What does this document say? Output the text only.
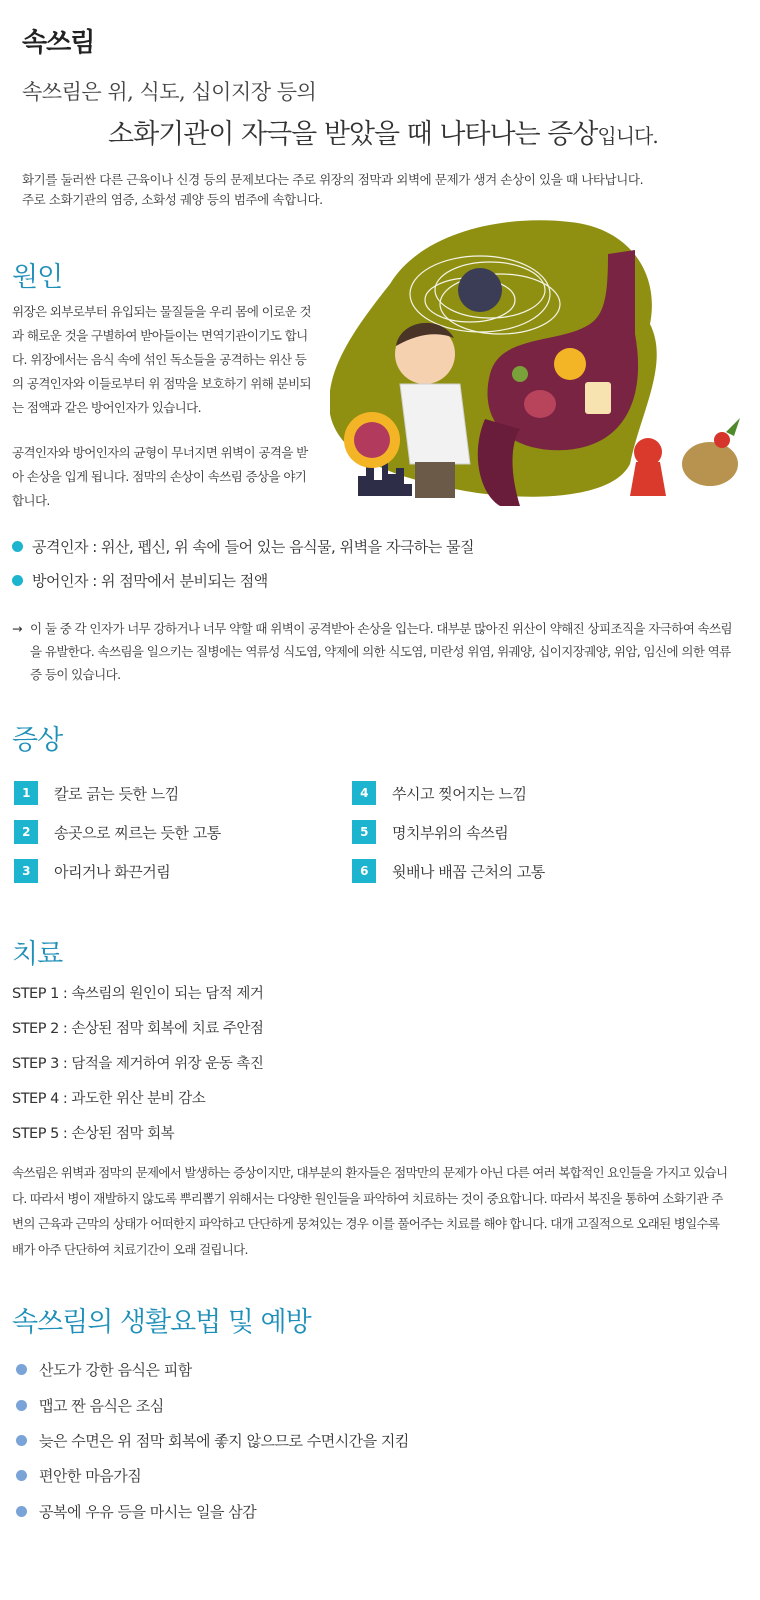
속쓰림
속쓰림은 위, 식도, 십이지장 등의
소화기관이 자극을 받았을 때 나타나는 증상입니다.
화기를 둘러싼 다른 근육이나 신경 등의 문제보다는 주로 위장의 점막과 외벽에 문제가 생겨 손상이 있을 때 나타납니다.
주로 소화기관의 염증, 소화성 궤양 등의 범주에 속합니다.
원인
위장은 외부로부터 유입되는 물질들을 우리 몸에 이로운 것과 해로운 것을 구별하여 받아들이는 면역기관이기도 합니다. 위장에서는 음식 속에 섞인 독소들을 공격하는 위산 등의 공격인자와 이들로부터 위 점막을 보호하기 위해 분비되는 점액과 같은 방어인자가 있습니다.
공격인자와 방어인자의 균형이 무너지면 위벽이 공격을 받아 손상을 입게 됩니다. 점막의 손상이 속쓰림 증상을 야기합니다.
공격인자 : 위산, 펩신, 위 속에 들어 있는 음식물, 위벽을 자극하는 물질
방어인자 : 위 점막에서 분비되는 점액
→ 이 둘 중 각 인자가 너무 강하거나 너무 약할 때 위벽이 공격받아 손상을 입는다. 대부분 많아진 위산이 약해진 상피조직을 자극하여 속쓰림을 유발한다. 속쓰림을 일으키는 질병에는 역류성 식도염, 약제에 의한 식도염, 미란성 위염, 위궤양, 십이지장궤양, 위암, 임신에 의한 역류증 등이 있습니다.
증상
1	칼로 긁는 듯한 느낌
2	송곳으로 찌르는 듯한 고통
3	아리거나 화끈거림
4	쑤시고 찢어지는 느낌
5	명치부위의 속쓰림
6	윗배나 배꼽 근처의 고통
치료
STEP 1 : 속쓰림의 원인이 되는 담적 제거
STEP 2 : 손상된 점막 회복에 치료 주안점
STEP 3 : 담적을 제거하여 위장 운동 촉진
STEP 4 : 과도한 위산 분비 감소
STEP 5 : 손상된 점막 회복
속쓰림은 위벽과 점막의 문제에서 발생하는 증상이지만, 대부분의 환자들은 점막만의 문제가 아닌 다른 여러 복합적인 요인들을 가지고 있습니다. 따라서 병이 재발하지 않도록 뿌리뽑기 위해서는 다양한 원인들을 파악하여 치료하는 것이 중요합니다. 따라서 복진을 통하여 소화기관 주변의 근육과 근막의 상태가 어떠한지 파악하고 단단하게 뭉쳐있는 경우 이를 풀어주는 치료를 해야 합니다. 대개 고질적으로 오래된 병일수록 배가 아주 단단하여 치료기간이 오래 걸립니다.
속쓰림의 생활요법 및 예방
산도가 강한 음식은 피함
맵고 짠 음식은 조심
늦은 수면은 위 점막 회복에 좋지 않으므로 수면시간을 지킴
편안한 마음가짐
공복에 우유 등을 마시는 일을 삼감
